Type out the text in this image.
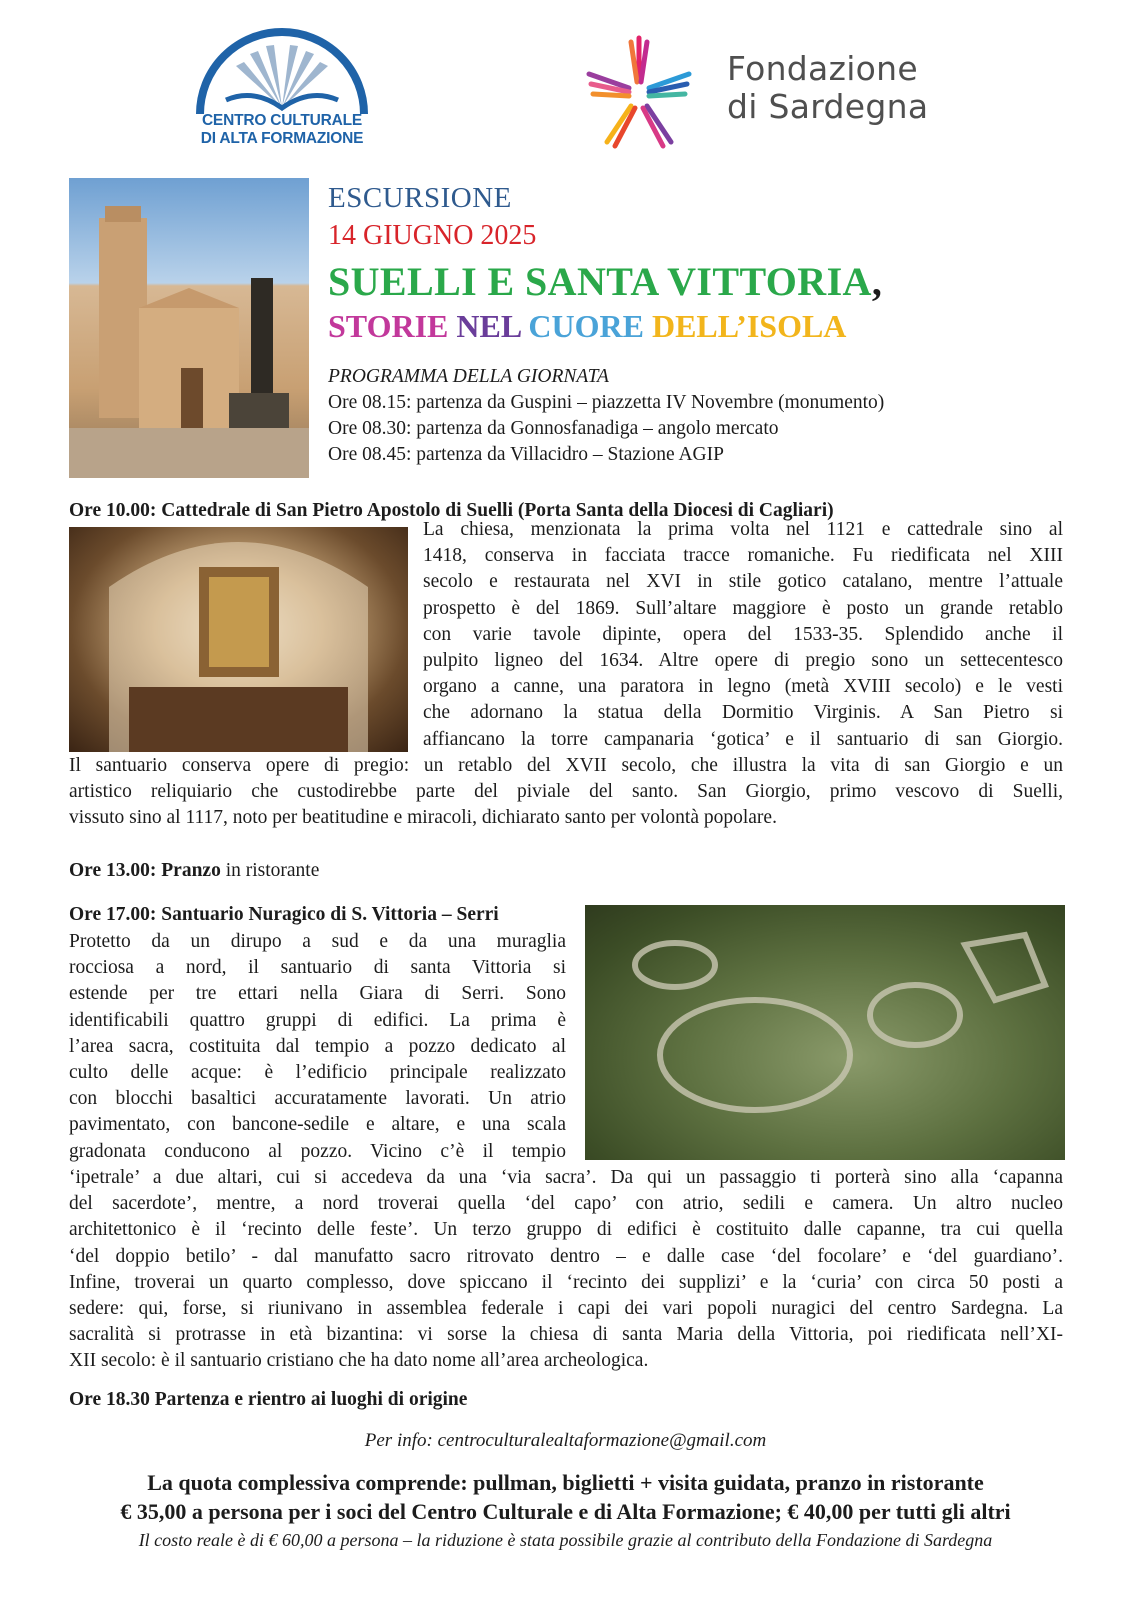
CENTRO CULTURALE
DI ALTA FORMAZIONE
Fondazione
di Sardegna
ESCURSIONE
14 GIUGNO 2025
SUELLI E SANTA VITTORIA,
STORIE NEL CUORE DELL’ISOLA
PROGRAMMA DELLA GIORNATA
Ore 08.15: partenza da Guspini – piazzetta IV Novembre (monumento)
Ore 08.30: partenza da Gonnosfanadiga – angolo mercato
Ore 08.45: partenza da Villacidro – Stazione AGIP
Ore 10.00: Cattedrale di San Pietro Apostolo di Suelli (Porta Santa della Diocesi di Cagliari)
La chiesa, menzionata la prima volta nel 1121 e cattedrale sino al
1418, conserva in facciata tracce romaniche. Fu riedificata nel XIII
secolo e restaurata nel XVI in stile gotico catalano, mentre l’attuale
prospetto è del 1869. Sull’altare maggiore è posto un grande retablo
con varie tavole dipinte, opera del 1533-35. Splendido anche il
pulpito ligneo del 1634. Altre opere di pregio sono un settecentesco
organo a canne, una paratora in legno (metà XVIII secolo) e le vesti
che adornano la statua della Dormitio Virginis. A San Pietro si
affiancano la torre campanaria ‘gotica’ e il santuario di san Giorgio.
Il santuario conserva opere di pregio: un retablo del XVII secolo, che illustra la vita di san Giorgio e un
artistico reliquiario che custodirebbe parte del piviale del santo. San Giorgio, primo vescovo di Suelli,
vissuto sino al 1117, noto per beatitudine e miracoli, dichiarato santo per volontà popolare.
Ore 13.00: Pranzo in ristorante
Ore 17.00: Santuario Nuragico di S. Vittoria – Serri
Protetto da un dirupo a sud e da una muraglia
rocciosa a nord, il santuario di santa Vittoria si
estende per tre ettari nella Giara di Serri. Sono
identificabili quattro gruppi di edifici. La prima è
l’area sacra, costituita dal tempio a pozzo dedicato al
culto delle acque: è l’edificio principale realizzato
con blocchi basaltici accuratamente lavorati. Un atrio
pavimentato, con bancone-sedile e altare, e una scala
gradonata conducono al pozzo. Vicino c’è il tempio
‘ipetrale’ a due altari, cui si accedeva da una ‘via sacra’. Da qui un passaggio ti porterà sino alla ‘capanna
del sacerdote’, mentre, a nord troverai quella ‘del capo’ con atrio, sedili e camera. Un altro nucleo
architettonico è il ‘recinto delle feste’. Un terzo gruppo di edifici è costituito dalle capanne, tra cui quella
‘del doppio betilo’ - dal manufatto sacro ritrovato dentro – e dalle case ‘del focolare’ e ‘del guardiano’.
Infine, troverai un quarto complesso, dove spiccano il ‘recinto dei supplizi’ e la ‘curia’ con circa 50 posti a
sedere: qui, forse, si riunivano in assemblea federale i capi dei vari popoli nuragici del centro Sardegna. La
sacralità si protrasse in età bizantina: vi sorse la chiesa di santa Maria della Vittoria, poi riedificata nell’XI-
XII secolo: è il santuario cristiano che ha dato nome all’area archeologica.
Ore 18.30 Partenza e rientro ai luoghi di origine
Per info: centroculturalealtaformazione@gmail.com
La quota complessiva comprende: pullman, biglietti + visita guidata, pranzo in ristorante
€ 35,00 a persona per i soci del Centro Culturale e di Alta Formazione; € 40,00 per tutti gli altri
Il costo reale è di € 60,00 a persona – la riduzione è stata possibile grazie al contributo della Fondazione di Sardegna
